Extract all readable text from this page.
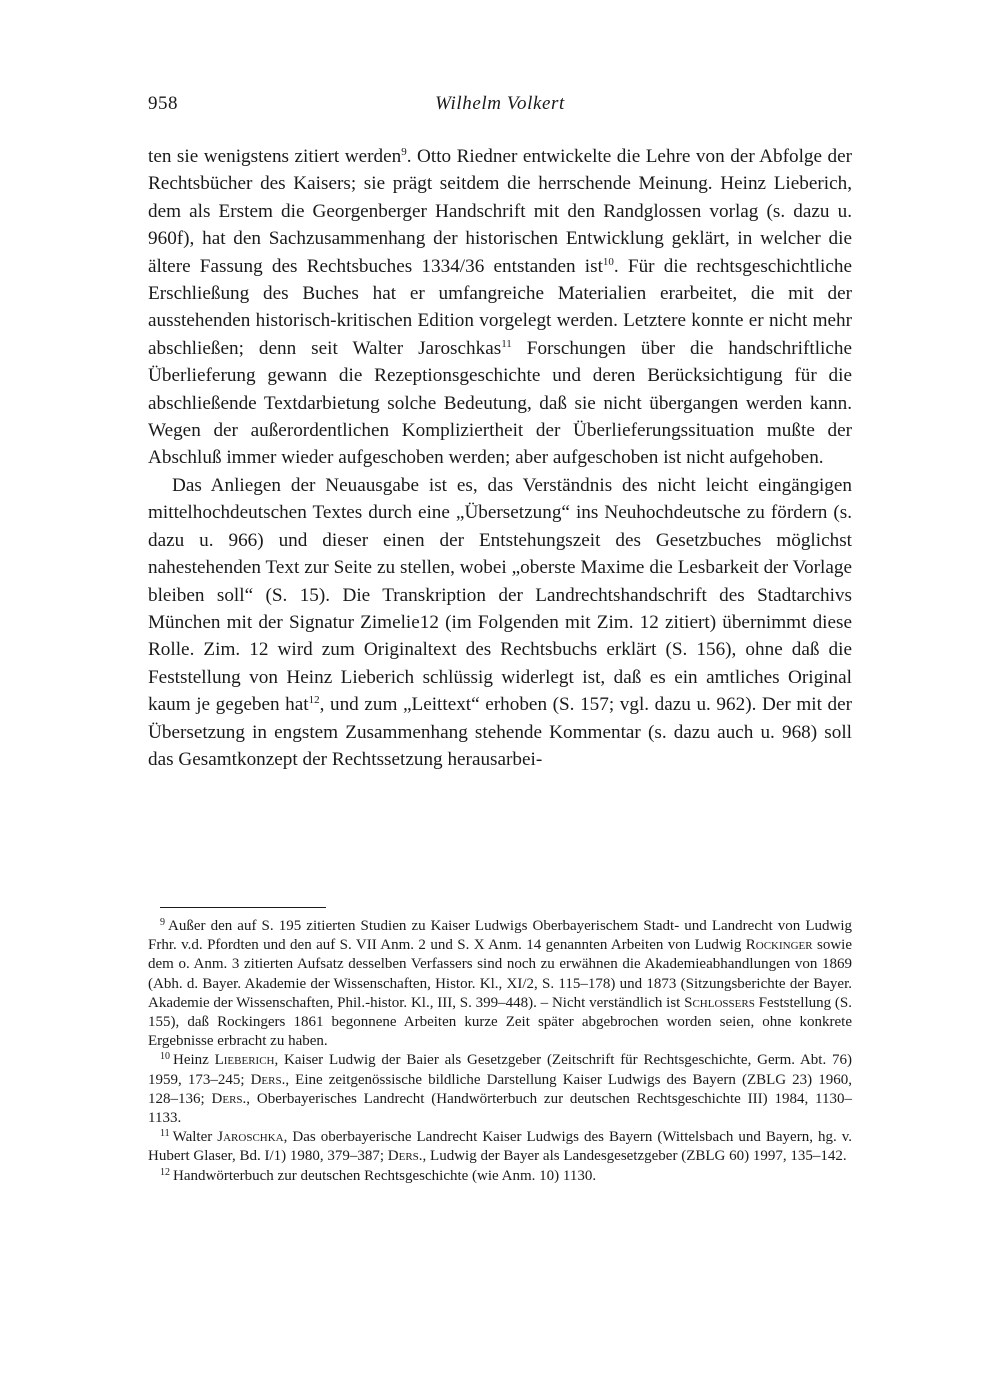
958	Wilhelm Volkert

ten sie wenigstens zitiert werden$^9$. Otto Riedner entwickelte die Lehre von der Abfolge der Rechtsbücher des Kaisers; sie prägt seitdem die herrschende Meinung. Heinz Lieberich, dem als Erstem die Georgenberger Handschrift mit den Randglossen vorlag (s. dazu u. 960f), hat den Sachzusammenhang der historischen Entwicklung geklärt, in welcher die ältere Fassung des Rechtsbuches 1334/36 entstanden ist$^{10}$. Für die rechtsgeschichtliche Erschließung des Buches hat er umfangreiche Materialien erarbeitet, die mit der ausstehenden historisch-kritischen Edition vorgelegt werden. Letztere konnte er nicht mehr abschließen; denn seit Walter Jaroschkas$^{11}$ Forschungen über die handschriftliche Überlieferung gewann die Rezeptionsgeschichte und deren Berücksichtigung für die abschließende Textdarbietung solche Bedeutung, daß sie nicht übergangen werden kann. Wegen der außerordentlichen Kompliziertheit der Überlieferungssituation mußte der Abschluß immer wieder aufgeschoben werden; aber aufgeschoben ist nicht aufgehoben.

Das Anliegen der Neuausgabe ist es, das Verständnis des nicht leicht eingängigen mittelhochdeutschen Textes durch eine „Übersetzung“ ins Neuhochdeutsche zu fördern (s. dazu u. 966) und dieser einen der Entstehungszeit des Gesetzbuches möglichst nahestehenden Text zur Seite zu stellen, wobei „oberste Maxime die Lesbarkeit der Vorlage bleiben soll“ (S. 15). Die Transkription der Landrechtshandschrift des Stadtarchivs München mit der Signatur Zimelie12 (im Folgenden mit Zim. 12 zitiert) übernimmt diese Rolle. Zim. 12 wird zum Originaltext des Rechtsbuchs erklärt (S. 156), ohne daß die Feststellung von Heinz Lieberich schlüssig widerlegt ist, daß es ein amtliches Original kaum je gegeben hat$^{12}$, und zum „Leittext“ erhoben (S. 157; vgl. dazu u. 962). Der mit der Übersetzung in engstem Zusammenhang stehende Kommentar (s. dazu auch u. 968) soll das Gesamtkonzept der Rechtssetzung herausarbei-

$^9$ Außer den auf S. 195 zitierten Studien zu Kaiser Ludwigs Oberbayerischem Stadt- und Landrecht von Ludwig Frhr. v.d. Pfordten und den auf S. VII Anm. 2 und S. X Anm. 14 genannten Arbeiten von Ludwig Rockinger sowie dem o. Anm. 3 zitierten Aufsatz desselben Verfassers sind noch zu erwähnen die Akademieabhandlungen von 1869 (Abh. d. Bayer. Akademie der Wissenschaften, Histor. Kl., XI/2, S. 115–178) und 1873 (Sitzungsberichte der Bayer. Akademie der Wissenschaften, Phil.-histor. Kl., III, S. 399–448). – Nicht verständlich ist Schlossers Feststellung (S. 155), daß Rockingers 1861 begonnene Arbeiten kurze Zeit später abgebrochen worden seien, ohne konkrete Ergebnisse erbracht zu haben.

$^{10}$ Heinz Lieberich, Kaiser Ludwig der Baier als Gesetzgeber (Zeitschrift für Rechtsgeschichte, Germ. Abt. 76) 1959, 173–245; Ders., Eine zeitgenössische bildliche Darstellung Kaiser Ludwigs des Bayern (ZBLG 23) 1960, 128–136; Ders., Oberbayerisches Landrecht (Handwörterbuch zur deutschen Rechtsgeschichte III) 1984, 1130–1133.

$^{11}$ Walter Jaroschka, Das oberbayerische Landrecht Kaiser Ludwigs des Bayern (Wittelsbach und Bayern, hg. v. Hubert Glaser, Bd. I/1) 1980, 379–387; Ders., Ludwig der Bayer als Landesgesetzgeber (ZBLG 60) 1997, 135–142.

$^{12}$ Handwörterbuch zur deutschen Rechtsgeschichte (wie Anm. 10) 1130.
